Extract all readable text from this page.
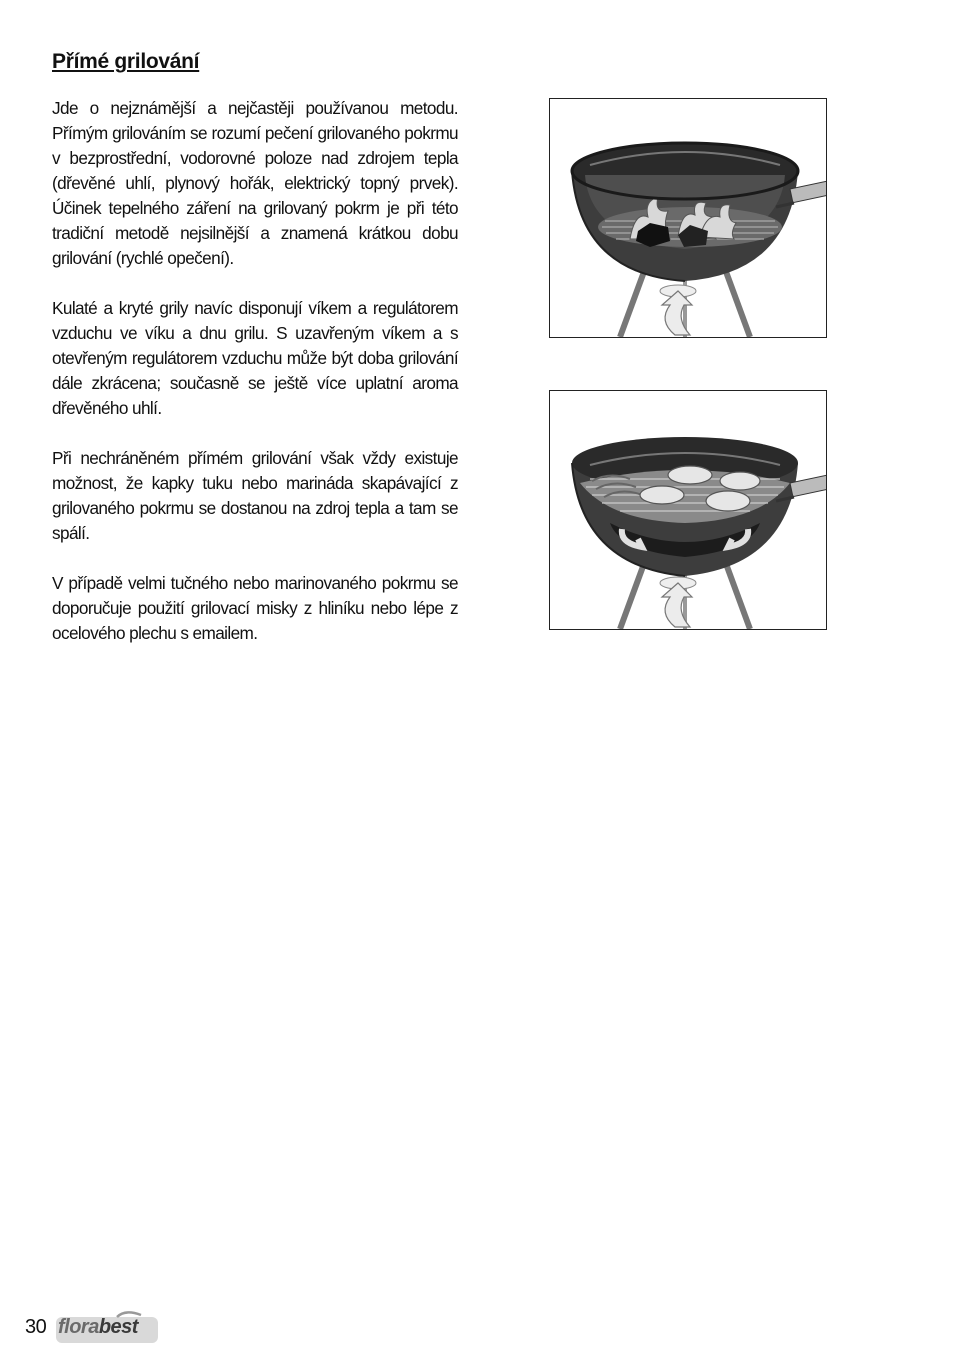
Přímé grilování

Jde o nejznámější a nejčastěji používanou metodu. Přímým grilováním se rozumí pečení grilovaného pokrmu v bezprostřední, vodorovné poloze nad zdrojem tepla (dřevěné uhlí, plynový hořák, elektrický topný prvek). Účinek tepelného záření na grilovaný pokrm je při této tradiční metodě nejsilnější a znamená krátkou dobu grilování (rychlé opečení).

Kulaté a kryté grily navíc disponují víkem a regulátorem vzduchu ve víku a dnu grilu. S uzavřeným víkem a s otevřeným regulátorem vzduchu může být doba grilování dále zkrácena; současně se ještě více uplatní aroma dřevěného uhlí.

Při nechráněném přímém grilování však vždy existuje možnost, že kapky tuku nebo marináda skapávající z grilovaného pokrmu se dostanou na zdroj tepla a tam se spálí.

V případě velmi tučného nebo marinovaného pokrmu se doporučuje použití grilovací misky z hliníku nebo lépe z ocelového plechu s emailem.

30 florabest
